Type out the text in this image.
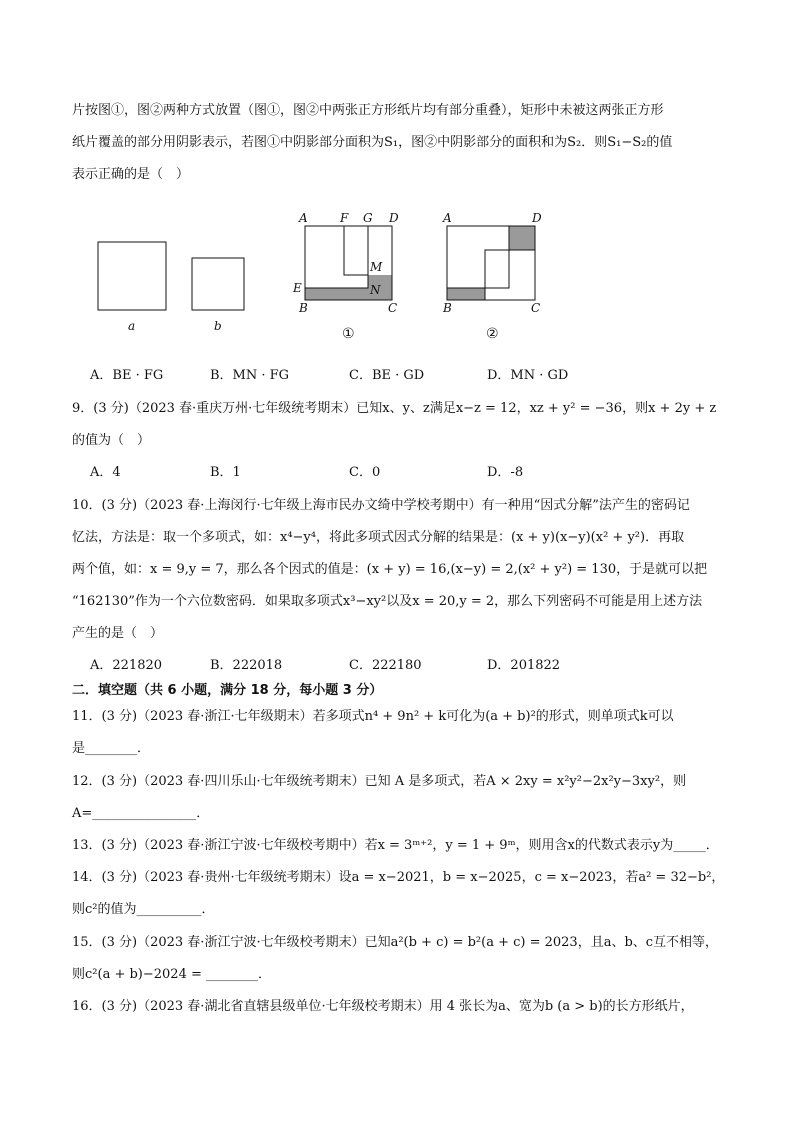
片按图①，图②两种方式放置（图①，图②中两张正方形纸片均有部分重叠），矩形中未被这两张正方形
纸片覆盖的部分用阴影表示，若图①中阴影部分面积为S₁，图②中阴影部分的面积和为S₂．则S₁−S₂的值
表示正确的是（　）
a	b
A	F G D
M
N
E
B	C
①
A	D
B	C
②
A．BE · FG	B．MN · FG	C．BE · GD	D．MN · GD
9．(3 分)（2023 春·重庆万州·七年级统考期末）已知x、y、z满足x−z = 12，xz + y² = −36，则x + 2y + z
的值为（　）
A．4	B．1	C．0	D．-8
10．(3 分)（2023 春·上海闵行·七年级上海市民办文绮中学校考期中）有一种用“因式分解”法产生的密码记
忆法，方法是：取一个多项式，如：x⁴−y⁴，将此多项式因式分解的结果是：(x + y)(x−y)(x² + y²)．再取
两个值，如：x = 9,y = 7，那么各个因式的值是：(x + y) = 16,(x−y) = 2,(x² + y²) = 130，于是就可以把
“162130”作为一个六位数密码．如果取多项式x³−xy²以及x = 20,y = 2，那么下列密码不可能是用上述方法
产生的是（　）
A．221820	B．222018	C．222180	D．201822
二．填空题（共 6 小题，满分 18 分，每小题 3 分）
11．(3 分)（2023 春·浙江·七年级期末）若多项式n⁴ + 9n² + k可化为(a + b)²的形式，则单项式k可以
是________．
12．(3 分)（2023 春·四川乐山·七年级统考期末）已知 A 是多项式，若A × 2xy = x²y²−2x²y−3xy²，则
A=________________．
13．(3 分)（2023 春·浙江宁波·七年级校考期中）若x = 3ᵐ⁺²，y = 1 + 9ᵐ，则用含x的代数式表示y为_____．
14．(3 分)（2023 春·贵州·七年级统考期末）设a = x−2021，b = x−2025，c = x−2023，若a² = 32−b²，
则c²的值为__________．
15．(3 分)（2023 春·浙江宁波·七年级校考期末）已知a²(b + c) = b²(a + c) = 2023，且a、b、c互不相等，
则c²(a + b)−2024 = ________．
16．(3 分)（2023 春·湖北省直辖县级单位·七年级校考期末）用 4 张长为a、宽为b (a > b)的长方形纸片，
